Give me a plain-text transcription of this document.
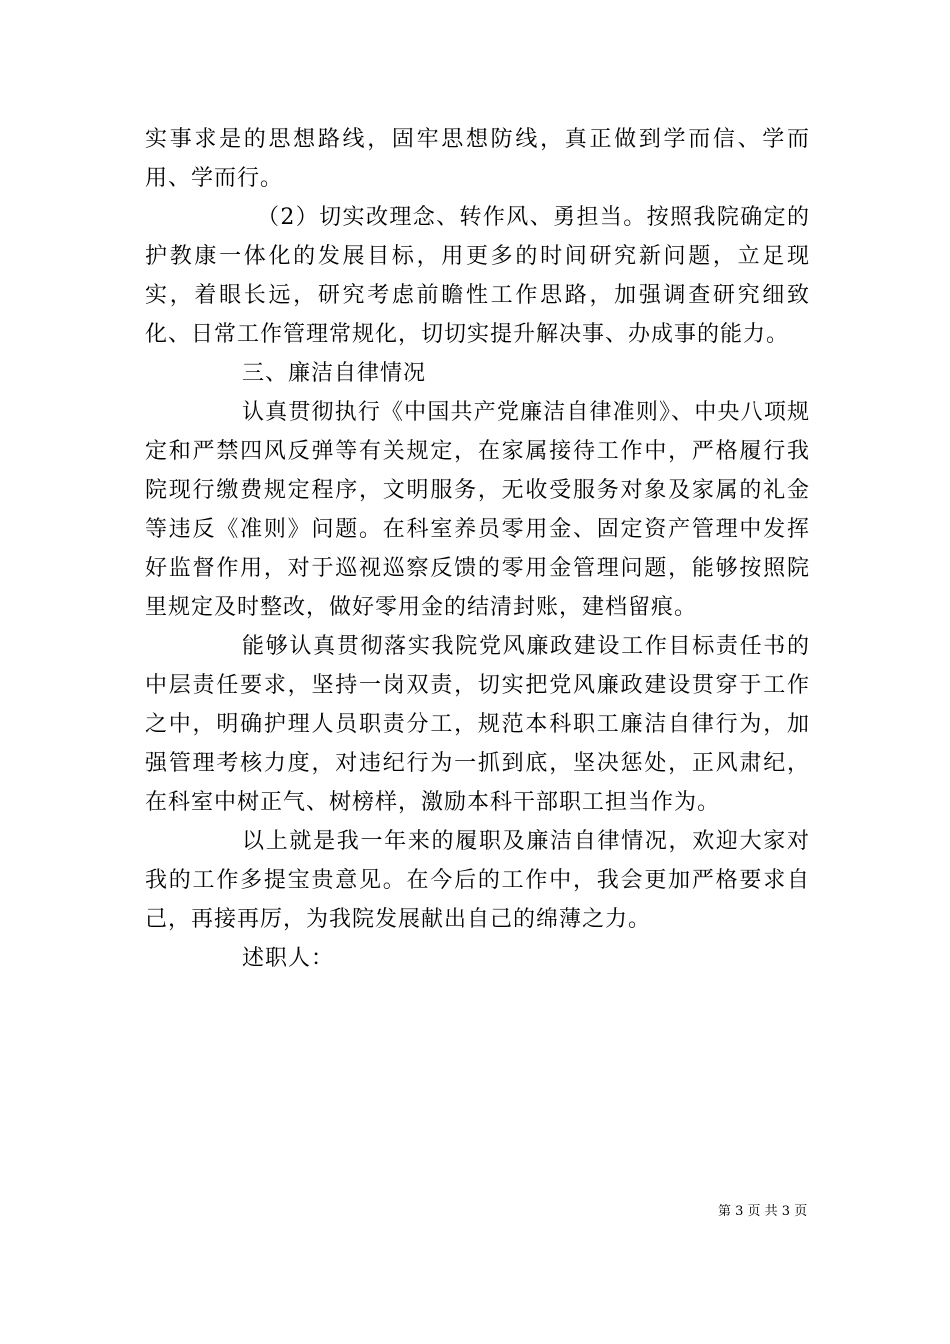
实事求是的思想路线，固牢思想防线，真正做到学而信、学而用、学而行。

（2）切实改理念、转作风、勇担当。按照我院确定的护教康一体化的发展目标，用更多的时间研究新问题，立足现实，着眼长远，研究考虑前瞻性工作思路，加强调查研究细致化、日常工作管理常规化，切切实提升解决事、办成事的能力。

三、廉洁自律情况

认真贯彻执行《中国共产党廉洁自律准则》、中央八项规定和严禁四风反弹等有关规定，在家属接待工作中，严格履行我院现行缴费规定程序，文明服务，无收受服务对象及家属的礼金等违反《准则》问题。在科室养员零用金、固定资产管理中发挥好监督作用，对于巡视巡察反馈的零用金管理问题，能够按照院里规定及时整改，做好零用金的结清封账，建档留痕。

能够认真贯彻落实我院党风廉政建设工作目标责任书的中层责任要求，坚持一岗双责，切实把党风廉政建设贯穿于工作之中，明确护理人员职责分工，规范本科职工廉洁自律行为，加强管理考核力度，对违纪行为一抓到底，坚决惩处，正风肃纪，在科室中树正气、树榜样，激励本科干部职工担当作为。

以上就是我一年来的履职及廉洁自律情况，欢迎大家对我的工作多提宝贵意见。在今后的工作中，我会更加严格要求自己，再接再厉，为我院发展献出自己的绵薄之力。

述职人：

第 3 页 共 3 页
